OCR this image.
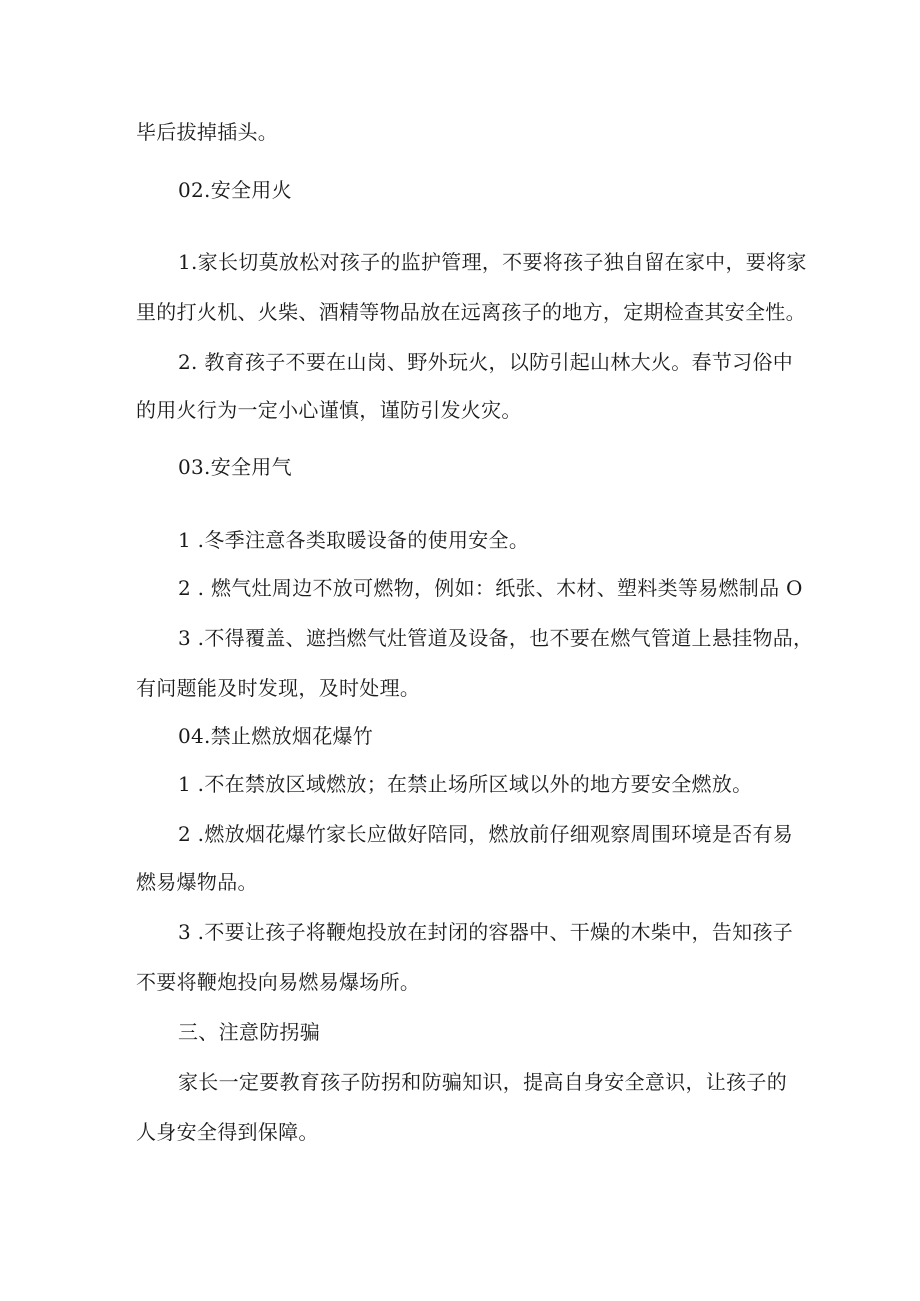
毕后拔掉插头。

02.安全用火

1.家长切莫放松对孩子的监护管理，不要将孩子独自留在家中，要将家

里的打火机、火柴、酒精等物品放在远离孩子的地方，定期检查其安全性。

2. 教育孩子不要在山岗、野外玩火，以防引起山林大火。春节习俗中

的用火行为一定小心谨慎，谨防引发火灾。

03.安全用气

1 .冬季注意各类取暖设备的使用安全。

2 . 燃气灶周边不放可燃物，例如：纸张、木材、塑料类等易燃制品 O

3 .不得覆盖、遮挡燃气灶管道及设备，也不要在燃气管道上悬挂物品，

有问题能及时发现，及时处理。

04.禁止燃放烟花爆竹

1 .不在禁放区域燃放；在禁止场所区域以外的地方要安全燃放。

2 .燃放烟花爆竹家长应做好陪同，燃放前仔细观察周围环境是否有易

燃易爆物品。

3 .不要让孩子将鞭炮投放在封闭的容器中、干燥的木柴中，告知孩子

不要将鞭炮投向易燃易爆场所。

三、注意防拐骗

家长一定要教育孩子防拐和防骗知识，提高自身安全意识，让孩子的

人身安全得到保障。
